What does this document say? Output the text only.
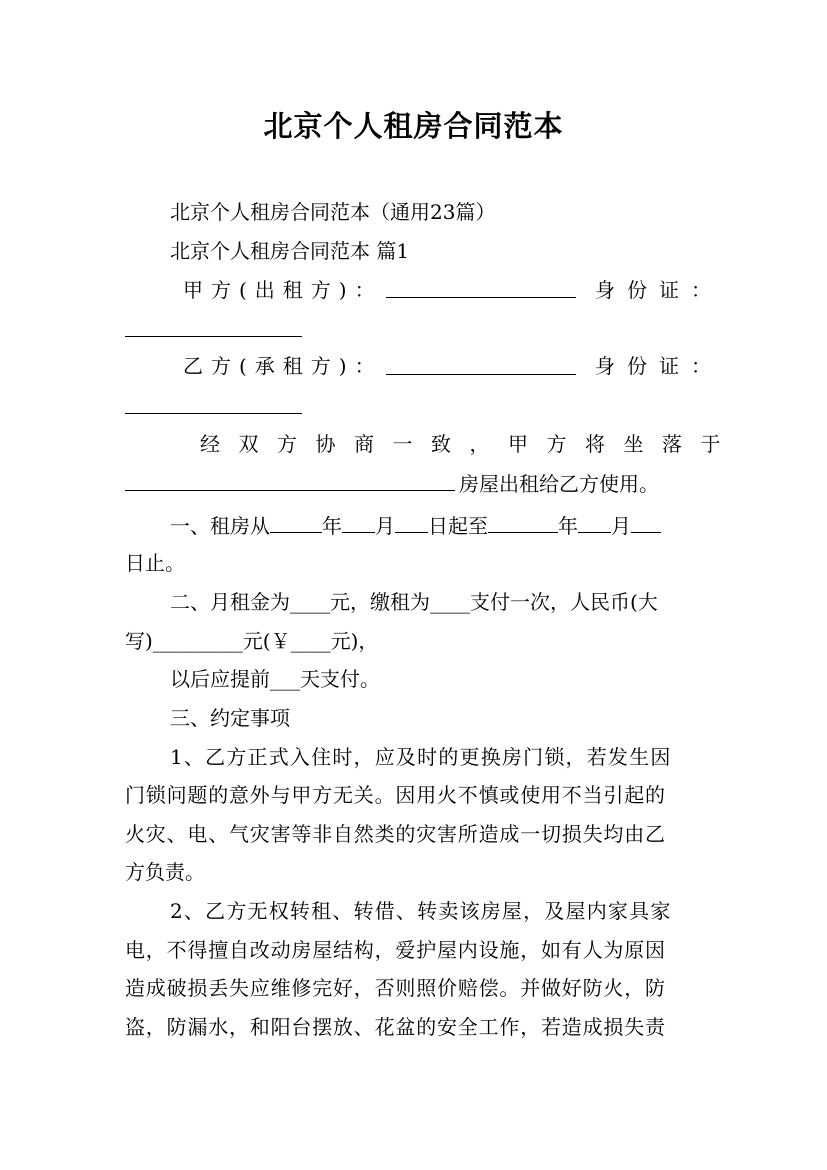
北京个人租房合同范本
北京个人租房合同范本（通用23篇）
北京个人租房合同范本 篇1
甲方(出租方)：	身份证：
乙方(承租方)：	身份证：
经双方协商一致，甲方将坐落于
房屋出租给乙方使用。
一、租房从	年 月 日起至	年 月
日止。
二、月租金为____元，缴租为____支付一次，人民币(大
写)_________元(￥____元)，
以后应提前___天支付。
三、约定事项
1、乙方正式入住时，应及时的更换房门锁，若发生因
门锁问题的意外与甲方无关。因用火不慎或使用不当引起的
火灾、电、气灾害等非自然类的灾害所造成一切损失均由乙
方负责。
2、乙方无权转租、转借、转卖该房屋，及屋内家具家
电，不得擅自改动房屋结构，爱护屋内设施，如有人为原因
造成破损丢失应维修完好，否则照价赔偿。并做好防火，防
盗，防漏水，和阳台摆放、花盆的安全工作，若造成损失责
